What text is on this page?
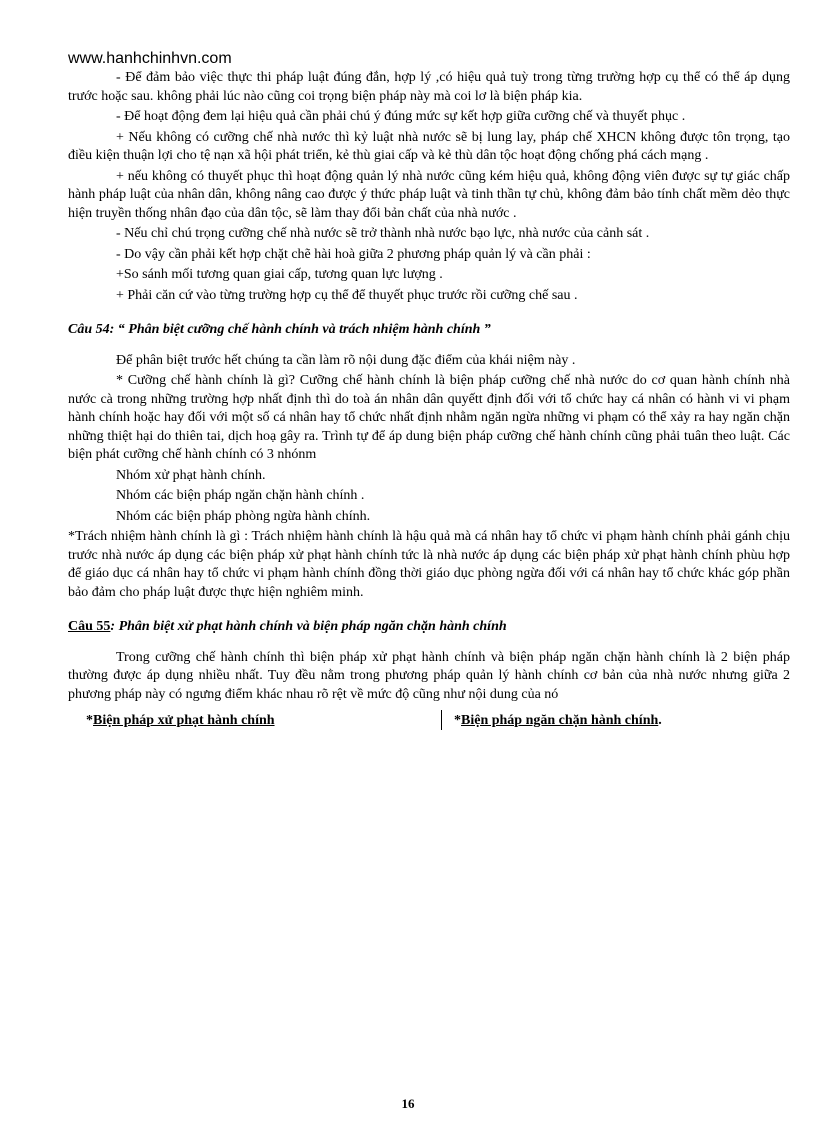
www.hanhchinhvn.com
- Để đảm bảo việc thực thi pháp luật đúng đắn, hợp lý ,có hiệu quả tuỳ trong từng trường hợp cụ thể có thể áp dụng trước hoặc sau. không phải lúc nào cũng coi trọng biện pháp này mà coi lơ là biện pháp kia.
- Để hoạt động đem lại hiệu quả cần phải chú ý đúng mức sự kết hợp giữa cưỡng chế và thuyết phục .
+ Nếu không có cưỡng chế nhà nước thì kỷ luật nhà nước sẽ bị lung lay, pháp chế XHCN không được tôn trọng, tạo điều kiện thuận lợi cho tệ nạn xã hội phát triển, kẻ thù giai cấp và kẻ thù dân tộc hoạt động chống phá cách mạng .
+ nếu không có thuyết phục thì hoạt động quản lý nhà nước cũng kém hiệu quả, không động viên được sự tự giác chấp hành pháp luật của nhân dân, không nâng cao được ý thức pháp luật và tinh thần tự chủ, không đảm bảo tính chất mềm dẻo thực hiện truyền thống nhân đạo của dân tộc, sẽ làm thay đổi bản chất của nhà nước .
- Nếu chỉ chú trọng cưỡng chế nhà nước sẽ trở thành nhà nước bạo lực, nhà nước của cảnh sát .
- Do vậy cần phải kết hợp chặt chẽ hài hoà giữa 2 phương pháp quản lý và cần phải :
+So sánh mối tương quan giai cấp, tương quan lực lượng .
+ Phải căn cứ vào từng trường hợp cụ thể để thuyết phục trước rồi cưỡng chế sau .
Câu 54: “ Phân biệt cưỡng chế hành chính và trách nhiệm hành chính ”
Để phân biệt trước hết chúng ta cần làm rõ nội dung đặc điểm của khái niệm này .
* Cưỡng chế hành chính là gì? Cưỡng chế hành chính là biện pháp cưỡng chế nhà nước do cơ quan hành chính nhà nước cà trong những trường hợp nhất định thì do toà án nhân dân quyếtt định đối với tổ chức hay cá nhân có hành vi vi phạm hành chính hoặc hay đối với một số cá nhân hay tổ chức nhất định nhằm ngăn ngừa những vi phạm có thể xảy ra hay ngăn chặn những thiệt hại do thiên tai, dịch hoạ gây ra. Trình tự để áp dung biện pháp cưỡng chế hành chính cũng phải tuân theo luật. Các biện phát cưỡng chế hành chính có 3 nhónm
Nhóm xử phạt hành chính.
Nhóm các biện pháp ngăn chặn hành chính .
Nhóm các biện pháp phòng ngừa hành chính.
*Trách nhiệm hành chính là gì : Trách nhiệm hành chính là hậu quả mà cá nhân hay tổ chức vi phạm hành chính phải gánh chịu trước nhà nước áp dụng các biện pháp xử phạt hành chính tức là nhà nước áp dụng các biện pháp xử phạt hành chính phùu hợp để giáo dục cá nhân hay tổ chức vi phạm hành chính đồng thời giáo dục phòng ngừa đối với cá nhân hay tổ chức khác góp phần bảo đảm cho pháp luật được thực hiện nghiêm minh.
Câu 55: Phân biệt xử phạt hành chính và biện pháp ngăn chặn hành chính
Trong cưỡng chế hành chính thì biện pháp xử phạt hành chính và biện pháp ngăn chặn hành chính là 2 biện pháp thường được áp dụng nhiều nhất. Tuy đều nằm trong phương pháp quản lý hành chính cơ bản của nhà nước nhưng giữa 2 phương pháp này có ngưng điểm khác nhau rõ rệt về mức độ cũng như nội dung của nó
*Biện pháp xử phạt hành chính	*Biện pháp ngăn chặn hành chính.
16
